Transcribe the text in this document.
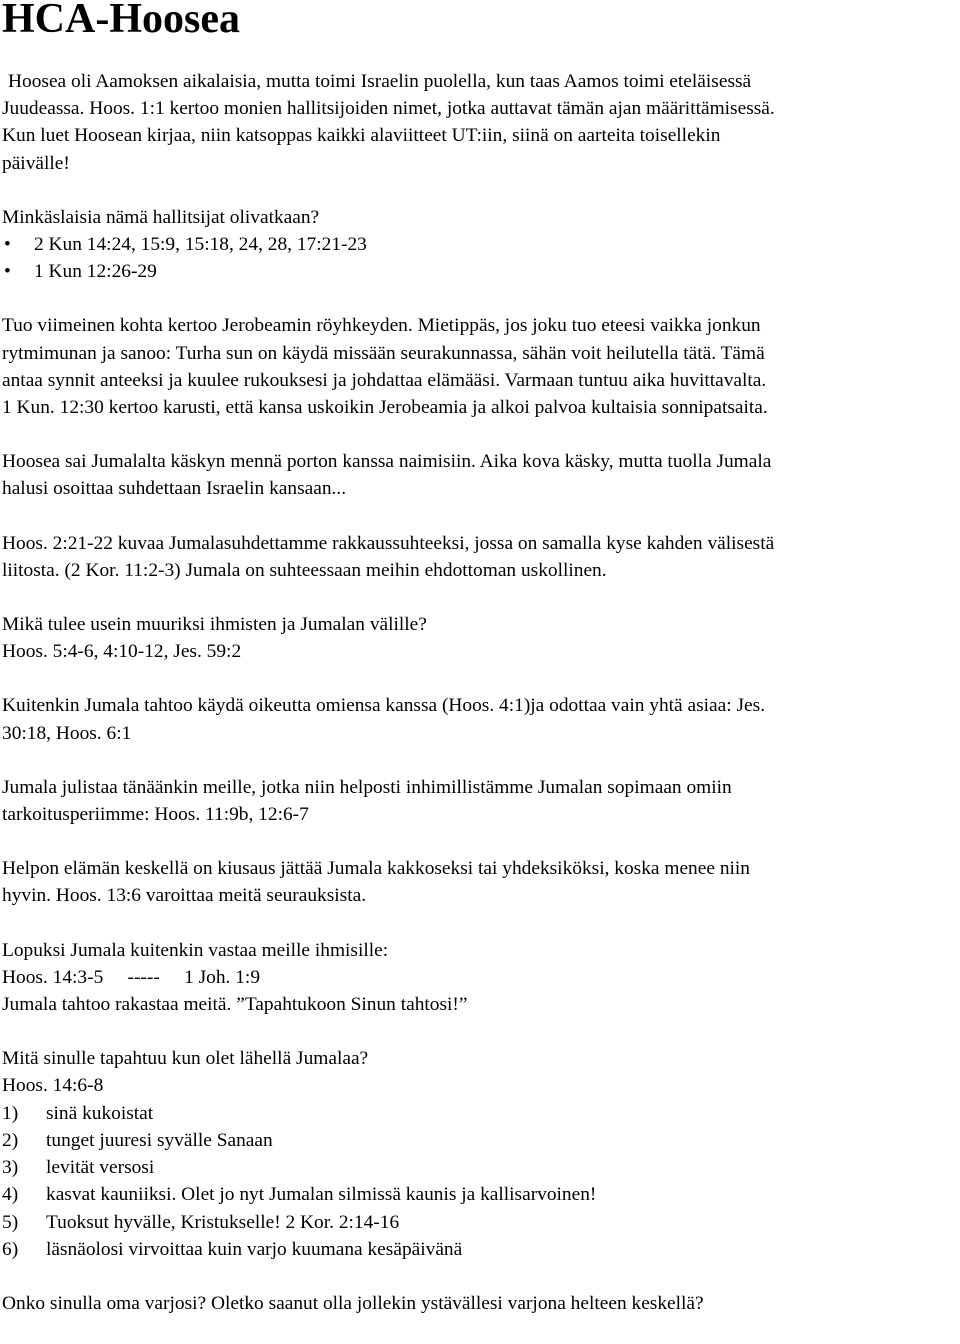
HCA-Hoosea

Hoosea oli Aamoksen aikalaisia, mutta toimi Israelin puolella, kun taas Aamos toimi eteläisessä

Juudeassa. Hoos. 1:1 kertoo monien hallitsijoiden nimet, jotka auttavat tämän ajan määrittämisessä.

Kun luet Hoosean kirjaa, niin katsoppas kaikki alaviitteet UT:iin, siinä on aarteita toisellekin

päivälle!

Minkäslaisia nämä hallitsijat olivatkaan?

•	2 Kun 14:24, 15:9, 15:18, 24, 28, 17:21-23
•	1 Kun 12:26-29

Tuo viimeinen kohta kertoo Jerobeamin röyhkeyden. Mietippäs, jos joku tuo eteesi vaikka jonkun

rytmimunan ja sanoo: Turha sun on käydä missään seurakunnassa, sähän voit heilutella tätä. Tämä

antaa synnit anteeksi ja kuulee rukouksesi ja johdattaa elämääsi. Varmaan tuntuu aika huvittavalta.

1 Kun. 12:30 kertoo karusti, että kansa uskoikin Jerobeamia ja alkoi palvoa kultaisia sonnipatsaita.

Hoosea sai Jumalalta käskyn mennä porton kanssa naimisiin. Aika kova käsky, mutta tuolla Jumala

halusi osoittaa suhdettaan Israelin kansaan...

Hoos. 2:21-22 kuvaa Jumalasuhdettamme rakkaussuhteeksi, jossa on samalla kyse kahden välisestä

liitosta. (2 Kor. 11:2-3) Jumala on suhteessaan meihin ehdottoman uskollinen.

Mikä tulee usein muuriksi ihmisten ja Jumalan välille?

Hoos. 5:4-6, 4:10-12, Jes. 59:2

Kuitenkin Jumala tahtoo käydä oikeutta omiensa kanssa (Hoos. 4:1)ja odottaa vain yhtä asiaa: Jes.

30:18, Hoos. 6:1

Jumala julistaa tänäänkin meille, jotka niin helposti inhimillistämme Jumalan sopimaan omiin

tarkoitusperiimme: Hoos. 11:9b, 12:6-7

Helpon elämän keskellä on kiusaus jättää Jumala kakkoseksi tai yhdeksiköksi, koska menee niin

hyvin. Hoos. 13:6 varoittaa meitä seurauksista.

Lopuksi Jumala kuitenkin vastaa meille ihmisille:

Hoos. 14:3-5 ----- 1 Joh. 1:9

Jumala tahtoo rakastaa meitä. ”Tapahtukoon Sinun tahtosi!”

Mitä sinulle tapahtuu kun olet lähellä Jumalaa?

Hoos. 14:6-8

1)	sinä kukoistat
2)	tunget juuresi syvälle Sanaan
3)	levität versosi
4)	kasvat kauniiksi. Olet jo nyt Jumalan silmissä kaunis ja kallisarvoinen!
5)	Tuoksut hyvälle, Kristukselle! 2 Kor. 2:14-16
6)	läsnäolosi virvoittaa kuin varjo kuumana kesäpäivänä

Onko sinulla oma varjosi? Oletko saanut olla jollekin ystävällesi varjona helteen keskellä?
